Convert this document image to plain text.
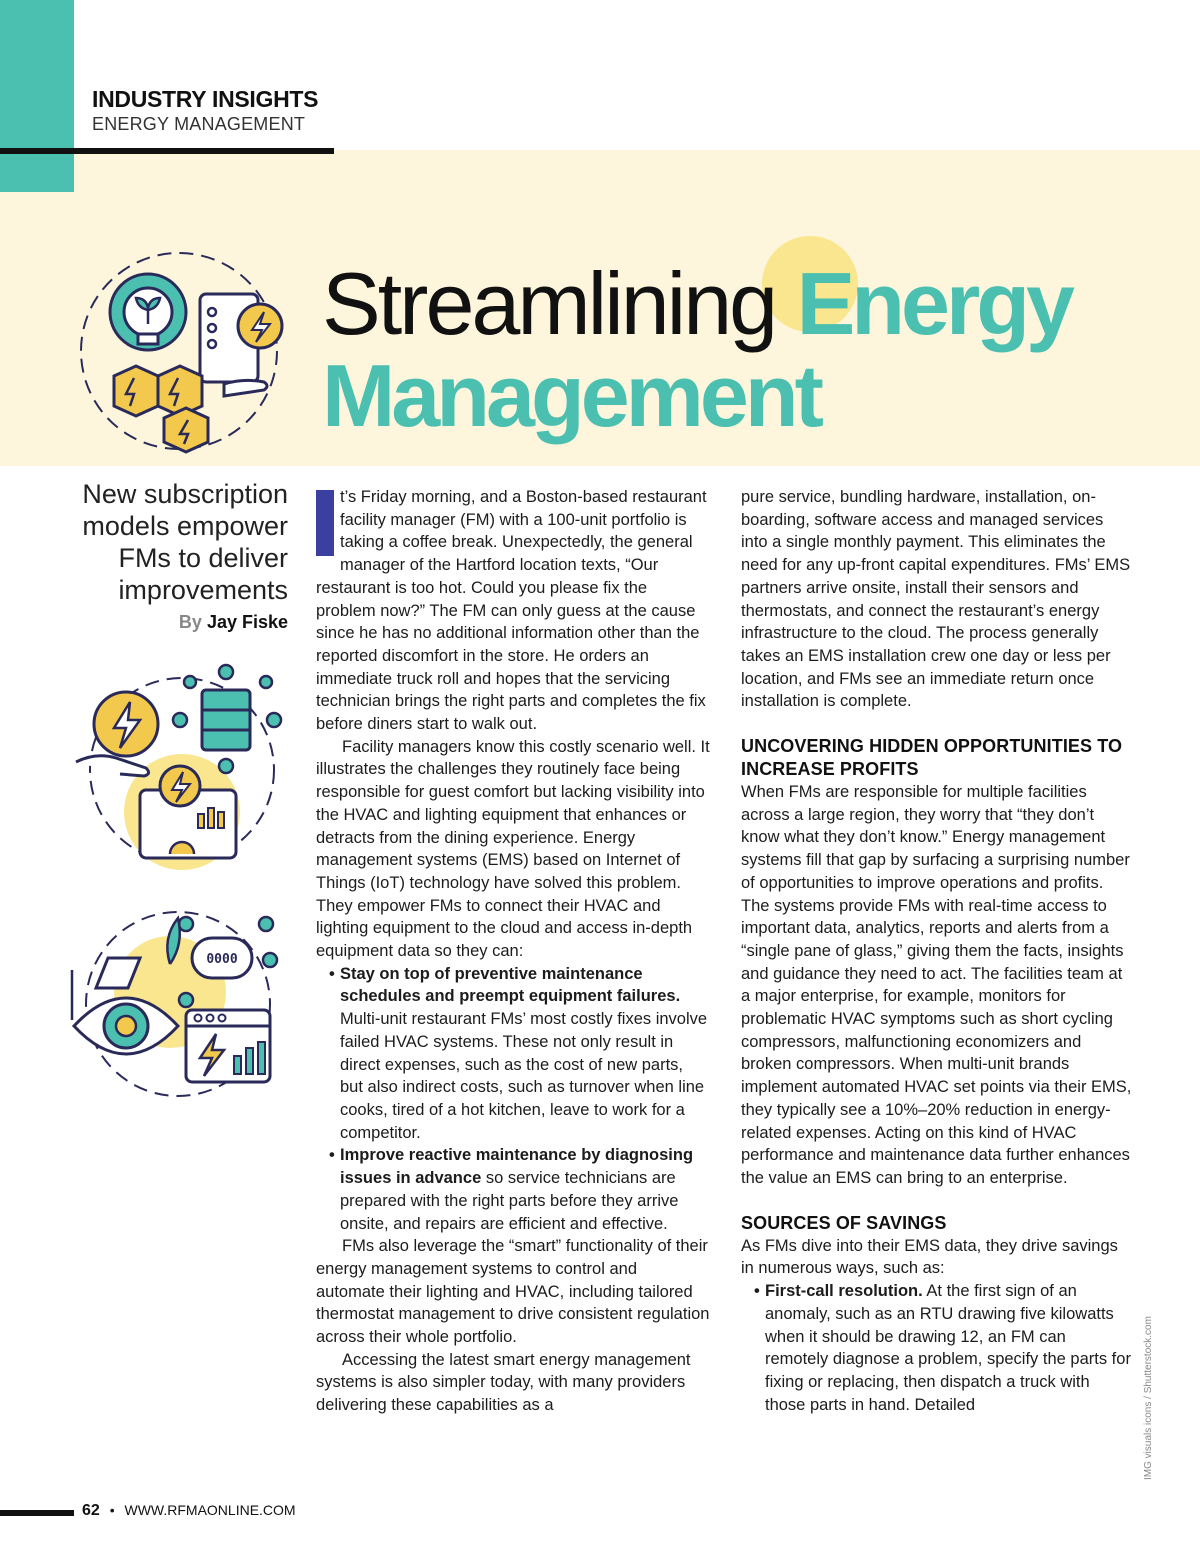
INDUSTRY INSIGHTS
ENERGY MANAGEMENT
Streamlining Energy
Management
New subscription models empower FMs to deliver improvements
By Jay Fiske
0000

I	t’s Friday morning, and a Boston-based restaurant facility manager (FM) with a 100-unit portfolio is taking a coffee break. Unexpectedly, the general manager of the Hartford location texts, “Our restaurant is too hot. Could you please fix the problem now?” The FM can only guess at the cause since he has no additional information other than the reported discomfort in the store. He orders an immediate truck roll and hopes that the servicing technician brings the right parts and completes the fix before diners start to walk out.

Facility managers know this costly scenario well. It illustrates the challenges they routinely face being responsible for guest comfort but lacking visibility into the HVAC and lighting equipment that enhances or detracts from the dining experience. Energy management systems (EMS) based on Internet of Things (IoT) technology have solved this problem. They empower FMs to connect their HVAC and lighting equipment to the cloud and access in-depth equipment data so they can:

• Stay on top of preventive maintenance schedules and preempt equipment failures. Multi-unit restaurant FMs’ most costly fixes involve failed HVAC systems. These not only result in direct expenses, such as the cost of new parts, but also indirect costs, such as turnover when line cooks, tired of a hot kitchen, leave to work for a competitor.

• Improve reactive maintenance by diagnosing issues in advance so service technicians are prepared with the right parts before they arrive onsite, and repairs are efficient and effective.

FMs also leverage the “smart” functionality of their energy management systems to control and automate their lighting and HVAC, including tailored thermostat management to drive consistent regulation across their whole portfolio.

Accessing the latest smart energy management systems is also simpler today, with many providers delivering these capabilities as a

pure service, bundling hardware, installation, on-boarding, software access and managed services into a single monthly payment. This eliminates the need for any up-front capital expenditures. FMs’ EMS partners arrive onsite, install their sensors and thermostats, and connect the restaurant’s energy infrastructure to the cloud. The process generally takes an EMS installation crew one day or less per location, and FMs see an immediate return once installation is complete.

UNCOVERING HIDDEN OPPORTUNITIES TO INCREASE PROFITS

When FMs are responsible for multiple facilities across a large region, they worry that “they don’t know what they don’t know.” Energy management systems fill that gap by surfacing a surprising number of opportunities to improve operations and profits. The systems provide FMs with real-time access to important data, analytics, reports and alerts from a “single pane of glass,” giving them the facts, insights and guidance they need to act. The facilities team at a major enterprise, for example, monitors for problematic HVAC symptoms such as short cycling compressors, malfunctioning economizers and broken compressors. When multi-unit brands implement automated HVAC set points via their EMS, they typically see a 10%–20% reduction in energy-related expenses. Acting on this kind of HVAC performance and maintenance data further enhances the value an EMS can bring to an enterprise.

SOURCES OF SAVINGS

As FMs dive into their EMS data, they drive savings in numerous ways, such as:

• First-call resolution. At the first sign of an anomaly, such as an RTU drawing five kilowatts when it should be drawing 12, an FM can remotely diagnose a problem, specify the parts for fixing or replacing, then dispatch a truck with those parts in hand. Detailed	IMG visuals icons / Shutterstock.com
62 • WWW.RFMAONLINE.COM
